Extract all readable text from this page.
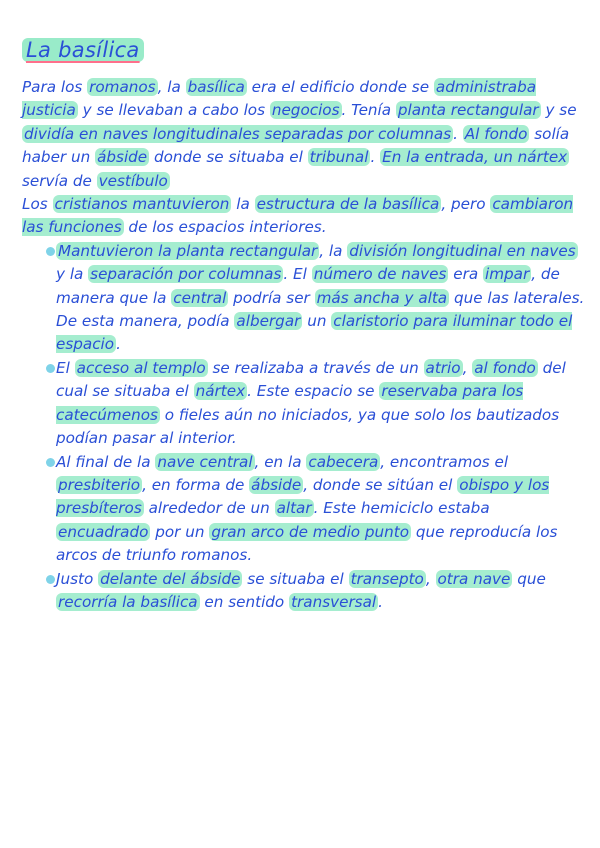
La basílica

Para los romanos , la basílica era el edificio donde se administraba justicia y se llevaban a cabo los negocios . Tenía planta rectangular y se dividía en naves longitudinales separadas por columnas . Al fondo solía haber un ábside donde se situaba el tribunal . En la entrada, un nártex servía de vestíbulo

Los cristianos mantuvieron la estructura de la basílica , pero cambiaron las funciones de los espacios interiores.

Mantuvieron la planta rectangular , la división longitudinal en naves y la separación por columnas . El número de naves era impar , de manera que la central podría ser más ancha y alta que las laterales. De esta manera, podía albergar un claristorio para iluminar todo el espacio .

El acceso al templo se realizaba a través de un atrio , al fondo del cual se situaba el nártex . Este espacio se reservaba para los catecúmenos o fieles aún no iniciados, ya que solo los bautizados podían pasar al interior.

Al final de la nave central , en la cabecera , encontramos el presbiterio , en forma de ábside , donde se sitúan el obispo y los presbíteros alrededor de un altar . Este hemiciclo estaba encuadrado por un gran arco de medio punto que reproducía los arcos de triunfo romanos.

Justo delante del ábside se situaba el transepto , otra nave que recorría la basílica en sentido transversal .
